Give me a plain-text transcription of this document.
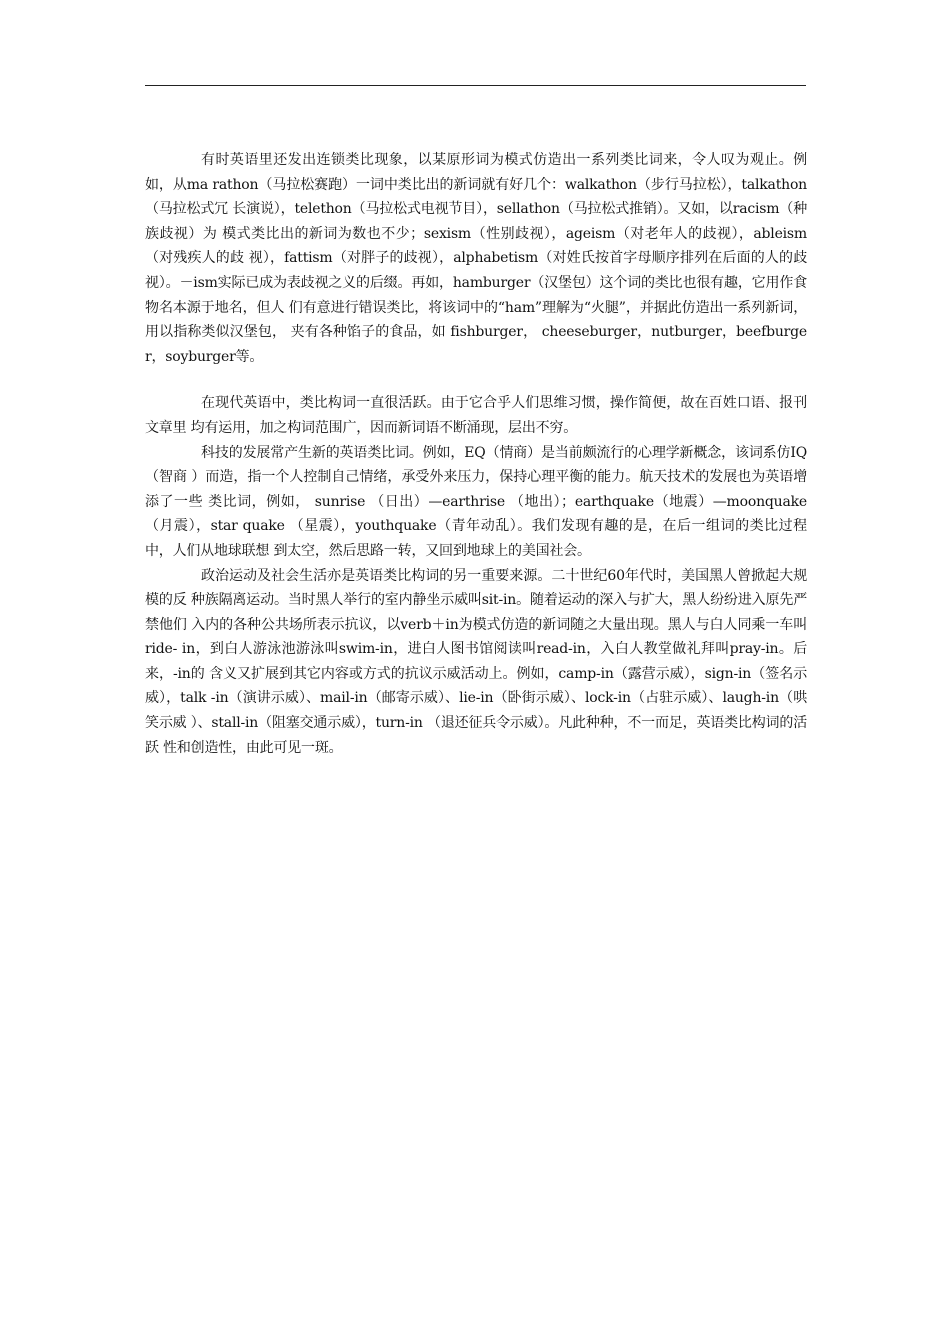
有时英语里还发出连锁类比现象，以某原形词为模式仿造出一系列类比词来，令人叹为观止。例如，从ma rathon（马拉松赛跑）一词中类比出的新词就有好几个：walkathon（步行马拉松），talkathon（马拉松式冗 长演说），telethon（马拉松式电视节目），sellathon（马拉松式推销）。又如，以racism（种族歧视）为 模式类比出的新词为数也不少；sexism（性别歧视），ageism（对老年人的歧视），ableism（对残疾人的歧 视），fattism（对胖子的歧视），alphabetism（对姓氏按首字母顺序排列在后面的人的歧视）。－ism实际已成为表歧视之义的后缀。再如，hamburger（汉堡包）这个词的类比也很有趣，它用作食物名本源于地名，但人 们有意进行错误类比，将该词中的“ham”理解为“火腿”，并据此仿造出一系列新词，用以指称类似汉堡包， 夹有各种馅子的食品，如 fishburger， cheeseburger，nutburger，beefburger，soyburger等。

在现代英语中，类比构词一直很活跃。由于它合乎人们思维习惯，操作简便，故在百姓口语、报刊文章里 均有运用，加之构词范围广，因而新词语不断涌现，层出不穷。

科技的发展常产生新的英语类比词。例如，EQ（情商）是当前颇流行的心理学新概念，该词系仿IQ（智商 ）而造，指一个人控制自己情绪，承受外来压力，保持心理平衡的能力。航天技术的发展也为英语增添了一些 类比词，例如， sunrise （日出）—earthrise （地出）；earthquake（地震）—moonquake（月震），star quake （星震），youthquake（青年动乱）。我们发现有趣的是，在后一组词的类比过程中，人们从地球联想 到太空，然后思路一转，又回到地球上的美国社会。

政治运动及社会生活亦是英语类比构词的另一重要来源。二十世纪60年代时，美国黑人曾掀起大规模的反 种族隔离运动。当时黑人举行的室内静坐示威叫sit-in。随着运动的深入与扩大，黑人纷纷进入原先严禁他们 入内的各种公共场所表示抗议，以verb＋in为模式仿造的新词随之大量出现。黑人与白人同乘一车叫 ride- in，到白人游泳池游泳叫swim-in，进白人图书馆阅读叫read-in，入白人教堂做礼拜叫pray-in。后来，-in的 含义又扩展到其它内容或方式的抗议示威活动上。例如，camp-in（露营示威），sign-in（签名示威），talk -in（演讲示威）、mail-in（邮寄示威）、lie-in（卧街示威）、lock-in（占驻示威）、laugh-in（哄笑示威 ）、stall-in（阻塞交通示威），turn-in （退还征兵令示威）。凡此种种，不一而足，英语类比构词的活跃 性和创造性，由此可见一斑。
